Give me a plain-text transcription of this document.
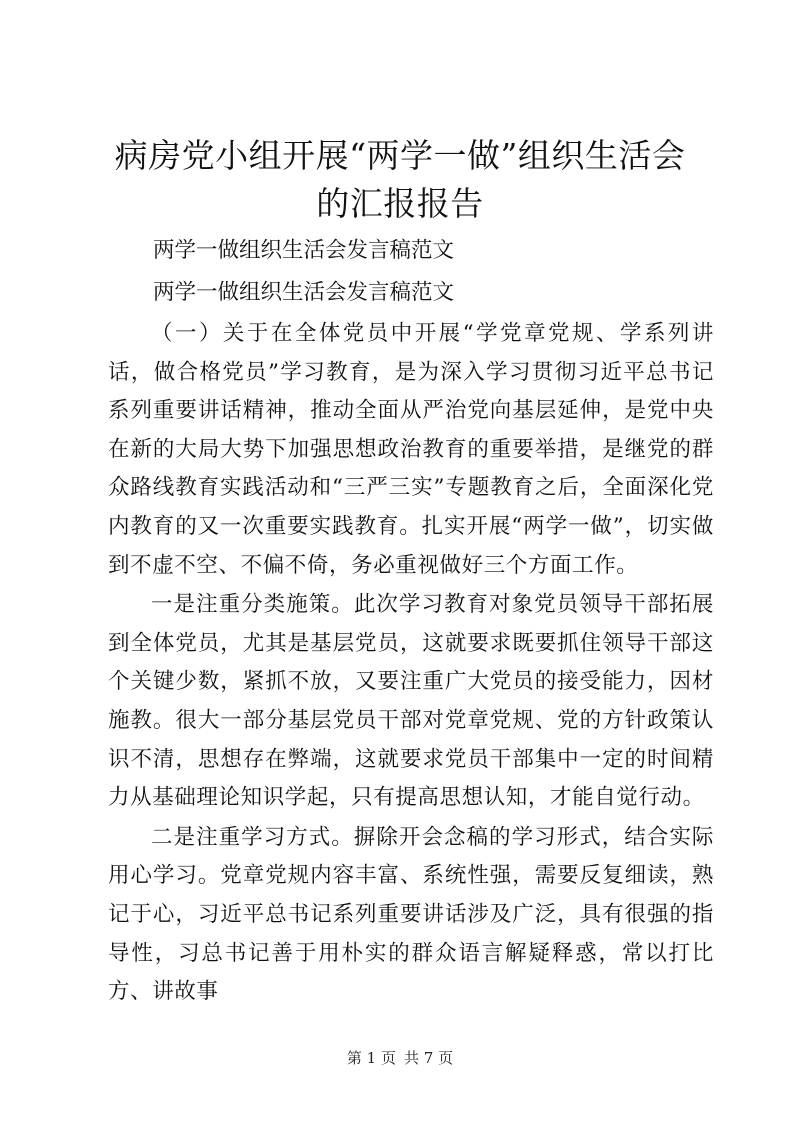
病房党小组开展“两学一做”组织生活会的汇报报告

两学一做组织生活会发言稿范文

两学一做组织生活会发言稿范文

（一）关于在全体党员中开展“学党章党规、学系列讲话，做合格党员”学习教育，是为深入学习贯彻习近平总书记系列重要讲话精神，推动全面从严治党向基层延伸，是党中央在新的大局大势下加强思想政治教育的重要举措，是继党的群众路线教育实践活动和“三严三实”专题教育之后，全面深化党内教育的又一次重要实践教育。扎实开展“两学一做”，切实做到不虚不空、不偏不倚，务必重视做好三个方面工作。

一是注重分类施策。此次学习教育对象党员领导干部拓展到全体党员，尤其是基层党员，这就要求既要抓住领导干部这个关键少数，紧抓不放，又要注重广大党员的接受能力，因材施教。很大一部分基层党员干部对党章党规、党的方针政策认识不清，思想存在弊端，这就要求党员干部集中一定的时间精力从基础理论知识学起，只有提高思想认知，才能自觉行动。

二是注重学习方式。摒除开会念稿的学习形式，结合实际用心学习。党章党规内容丰富、系统性强，需要反复细读，熟记于心，习近平总书记系列重要讲话涉及广泛，具有很强的指导性，习总书记善于用朴实的群众语言解疑释惑，常以打比方、讲故事

第 1 页 共 7 页
